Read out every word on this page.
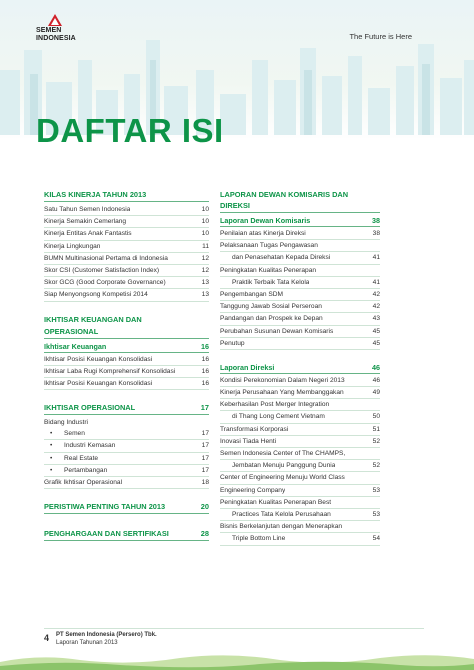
SEMEN
INDONESIA	The Future is Here
DAFTAR ISI
KILAS KINERJA TAHUN 2013
Satu Tahun Semen Indonesia	10
Kinerja Semakin Cemerlang	10
Kinerja Entitas Anak Fantastis	10
Kinerja Lingkungan	11
BUMN Multinasional Pertama di Indonesia	12
Skor CSI (Customer Satisfaction Index)	12
Skor GCG (Good Corporate Governance)	13
Siap Menyongsong Kompetisi 2014	13
IKHTISAR KEUANGAN DAN
OPERASIONAL
Ikhtisar Keuangan	16
Ikhtisar Posisi Keuangan Konsolidasi	16
Ikhtisar Laba Rugi Komprehensif Konsolidasi	16
Ikhtisar Posisi Keuangan Konsolidasi	16
IKHTISAR OPERASIONAL	17
Bidang Industri
• Semen	17
• Industri Kemasan	17
• Real Estate	17
• Pertambangan	17
Grafik Ikhtisar Operasional	18
PERISTIWA PENTING TAHUN 2013	20
PENGHARGAAN DAN SERTIFIKASI	28
LAPORAN DEWAN KOMISARIS DAN DIREKSI
Laporan Dewan Komisaris	38
Penilaian atas Kinerja Direksi	38
Pelaksanaan Tugas Pengawasan
dan Penasehatan Kepada Direksi	41
Peningkatan Kualitas Penerapan
Praktik Terbaik Tata Kelola	41
Pengembangan SDM	42
Tanggung Jawab Sosial Perseroan	42
Pandangan dan Prospek ke Depan	43
Perubahan Susunan Dewan Komisaris	45
Penutup	45
Laporan Direksi	46
Kondisi Perekonomian Dalam Negeri 2013	46
Kinerja Perusahaan Yang Membanggakan	49
Keberhasilan Post Merger Integration
di Thang Long Cement Vietnam	50
Transformasi Korporasi	51
Inovasi Tiada Henti	52
Semen Indonesia Center of The CHAMPS,
Jembatan Menuju Panggung Dunia	52
Center of Engineering Menuju World Class
Engineering Company	53
Peningkatan Kualitas Penerapan Best
Practices Tata Kelola Perusahaan	53
Bisnis Berkelanjutan dengan Menerapkan
Triple Bottom Line	54
4 PT Semen Indonesia (Persero) Tbk.
Laporan Tahunan 2013
